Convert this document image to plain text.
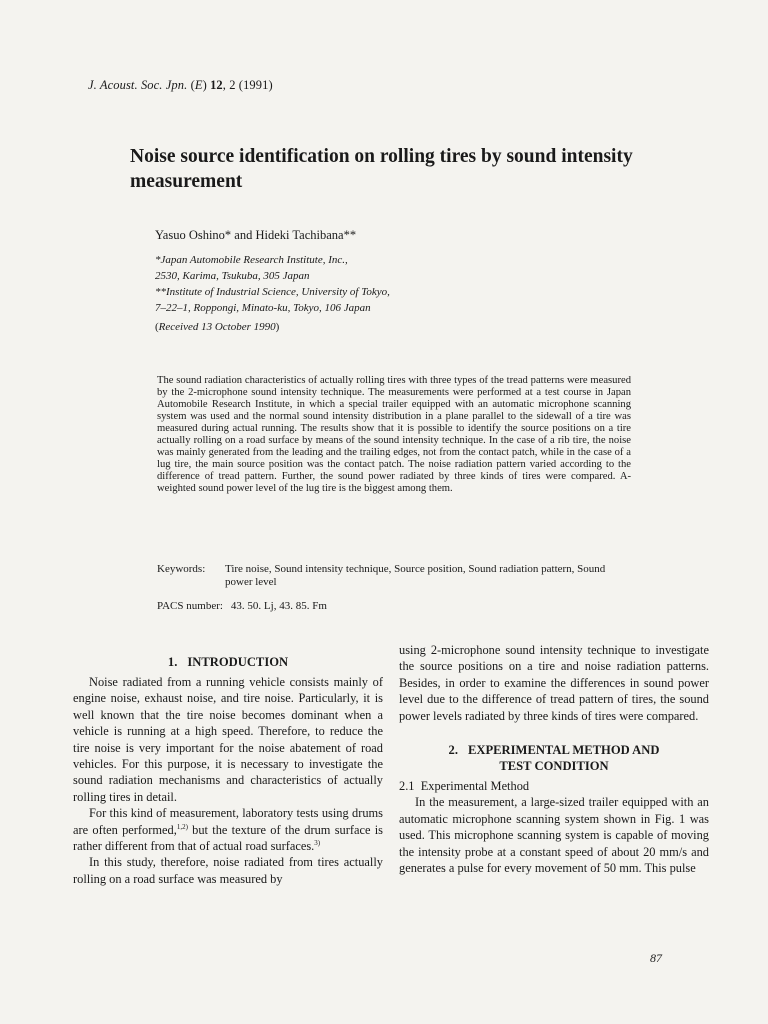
J. Acoust. Soc. Jpn. (E) 12, 2 (1991)
Noise source identification on rolling tires by sound intensity measurement
Yasuo Oshino* and Hideki Tachibana**
*Japan Automobile Research Institute, Inc.,
2530, Karima, Tsukuba, 305 Japan
**Institute of Industrial Science, University of Tokyo,
7–22–1, Roppongi, Minato-ku, Tokyo, 106 Japan
(Received 13 October 1990)

The sound radiation characteristics of actually rolling tires with three types of the tread patterns were measured by the 2-microphone sound intensity technique. The measurements were performed at a test course in Japan Automobile Research Institute, in which a special trailer equipped with an automatic microphone scanning system was used and the normal sound intensity distribution in a plane parallel to the sidewall of a tire was measured during actual running. The results show that it is possible to identify the source positions on a tire actually rolling on a road surface by means of the sound intensity technique. In the case of a rib tire, the noise was mainly generated from the leading and the trailing edges, not from the contact patch, while in the case of a lug tire, the main source position was the contact patch. The noise radiation pattern varied according to the difference of tread pattern. Further, the sound power radiated by three kinds of tires were compared. A-weighted sound power level of the lug tire is the biggest among them.

Keywords: Tire noise, Sound intensity technique, Source position, Sound radiation pattern, Sound power level
PACS number: 43. 50. Lj, 43. 85. Fm
1. INTRODUCTION

Noise radiated from a running vehicle consists mainly of engine noise, exhaust noise, and tire noise. Particularly, it is well known that the tire noise becomes dominant when a vehicle is running at a high speed. Therefore, to reduce the tire noise is very important for the noise abatement of road vehicles. For this purpose, it is necessary to investigate the sound radiation mechanisms and characteristics of actually rolling tires in detail.

For this kind of measurement, laboratory tests using drums are often performed,$^{1,2)}$ but the texture of the drum surface is rather different from that of actual road surfaces.$^{3)}$

In this study, therefore, noise radiated from tires actually rolling on a road surface was measured by

using 2-microphone sound intensity technique to investigate the source positions on a tire and noise radiation patterns. Besides, in order to examine the differences in sound power level due to the difference of tread pattern of tires, the sound power levels radiated by three kinds of tires were compared.

2. EXPERIMENTAL METHOD AND
TEST CONDITION
2.1 Experimental Method

In the measurement, a large-sized trailer equipped with an automatic microphone scanning system shown in Fig. 1 was used. This microphone scanning system is capable of moving the intensity probe at a constant speed of about 20 mm/s and generates a pulse for every movement of 50 mm. This pulse

87
